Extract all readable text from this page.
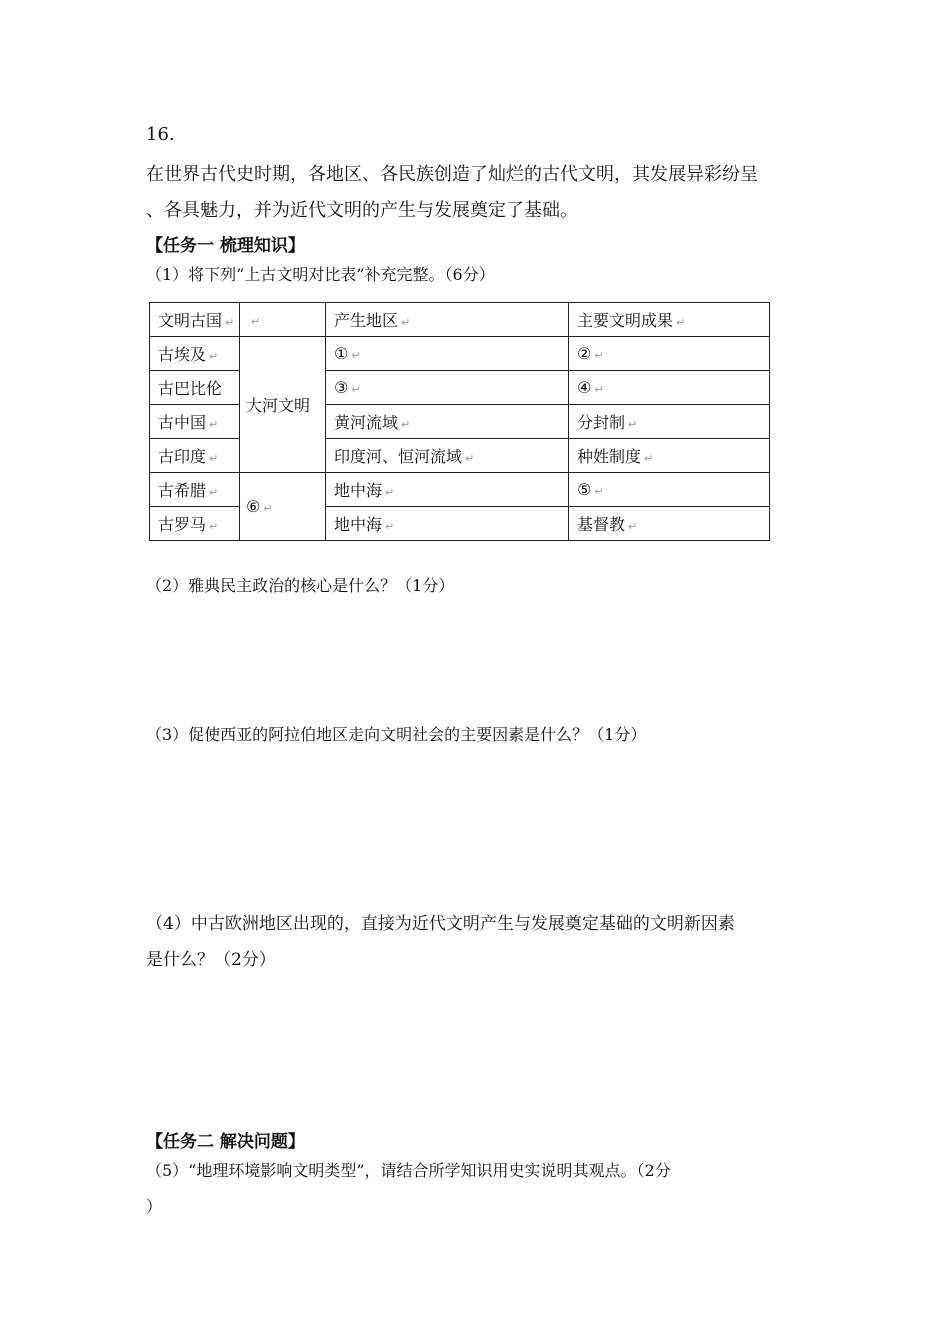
16.
在世界古代史时期，各地区、各民族创造了灿烂的古代文明，其发展异彩纷呈
、各具魅力，并为近代文明的产生与发展奠定了基础。
【任务一 梳理知识】
（1）将下列“上古文明对比表”补充完整。（6分）
文明古国 ↵	↵	产生地区 ↵	主要文明成果 ↵
古埃及 ↵	大河文明	① ↵	② ↵
古巴比伦		③ ↵	④ ↵
古中国 ↵		黄河流域 ↵	分封制 ↵
古印度 ↵		印度河、恒河流域 ↵	种姓制度 ↵
古希腊 ↵	⑥ ↵	地中海 ↵	⑤ ↵
古罗马 ↵		地中海 ↵	基督教 ↵
（2）雅典民主政治的核心是什么？（1分）
（3）促使西亚的阿拉伯地区走向文明社会的主要因素是什么？（1分）
（4）中古欧洲地区出现的，直接为近代文明产生与发展奠定基础的文明新因素
是什么？（2分）
【任务二 解决问题】
（5）“地理环境影响文明类型”，请结合所学知识用史实说明其观点。（2分
）
